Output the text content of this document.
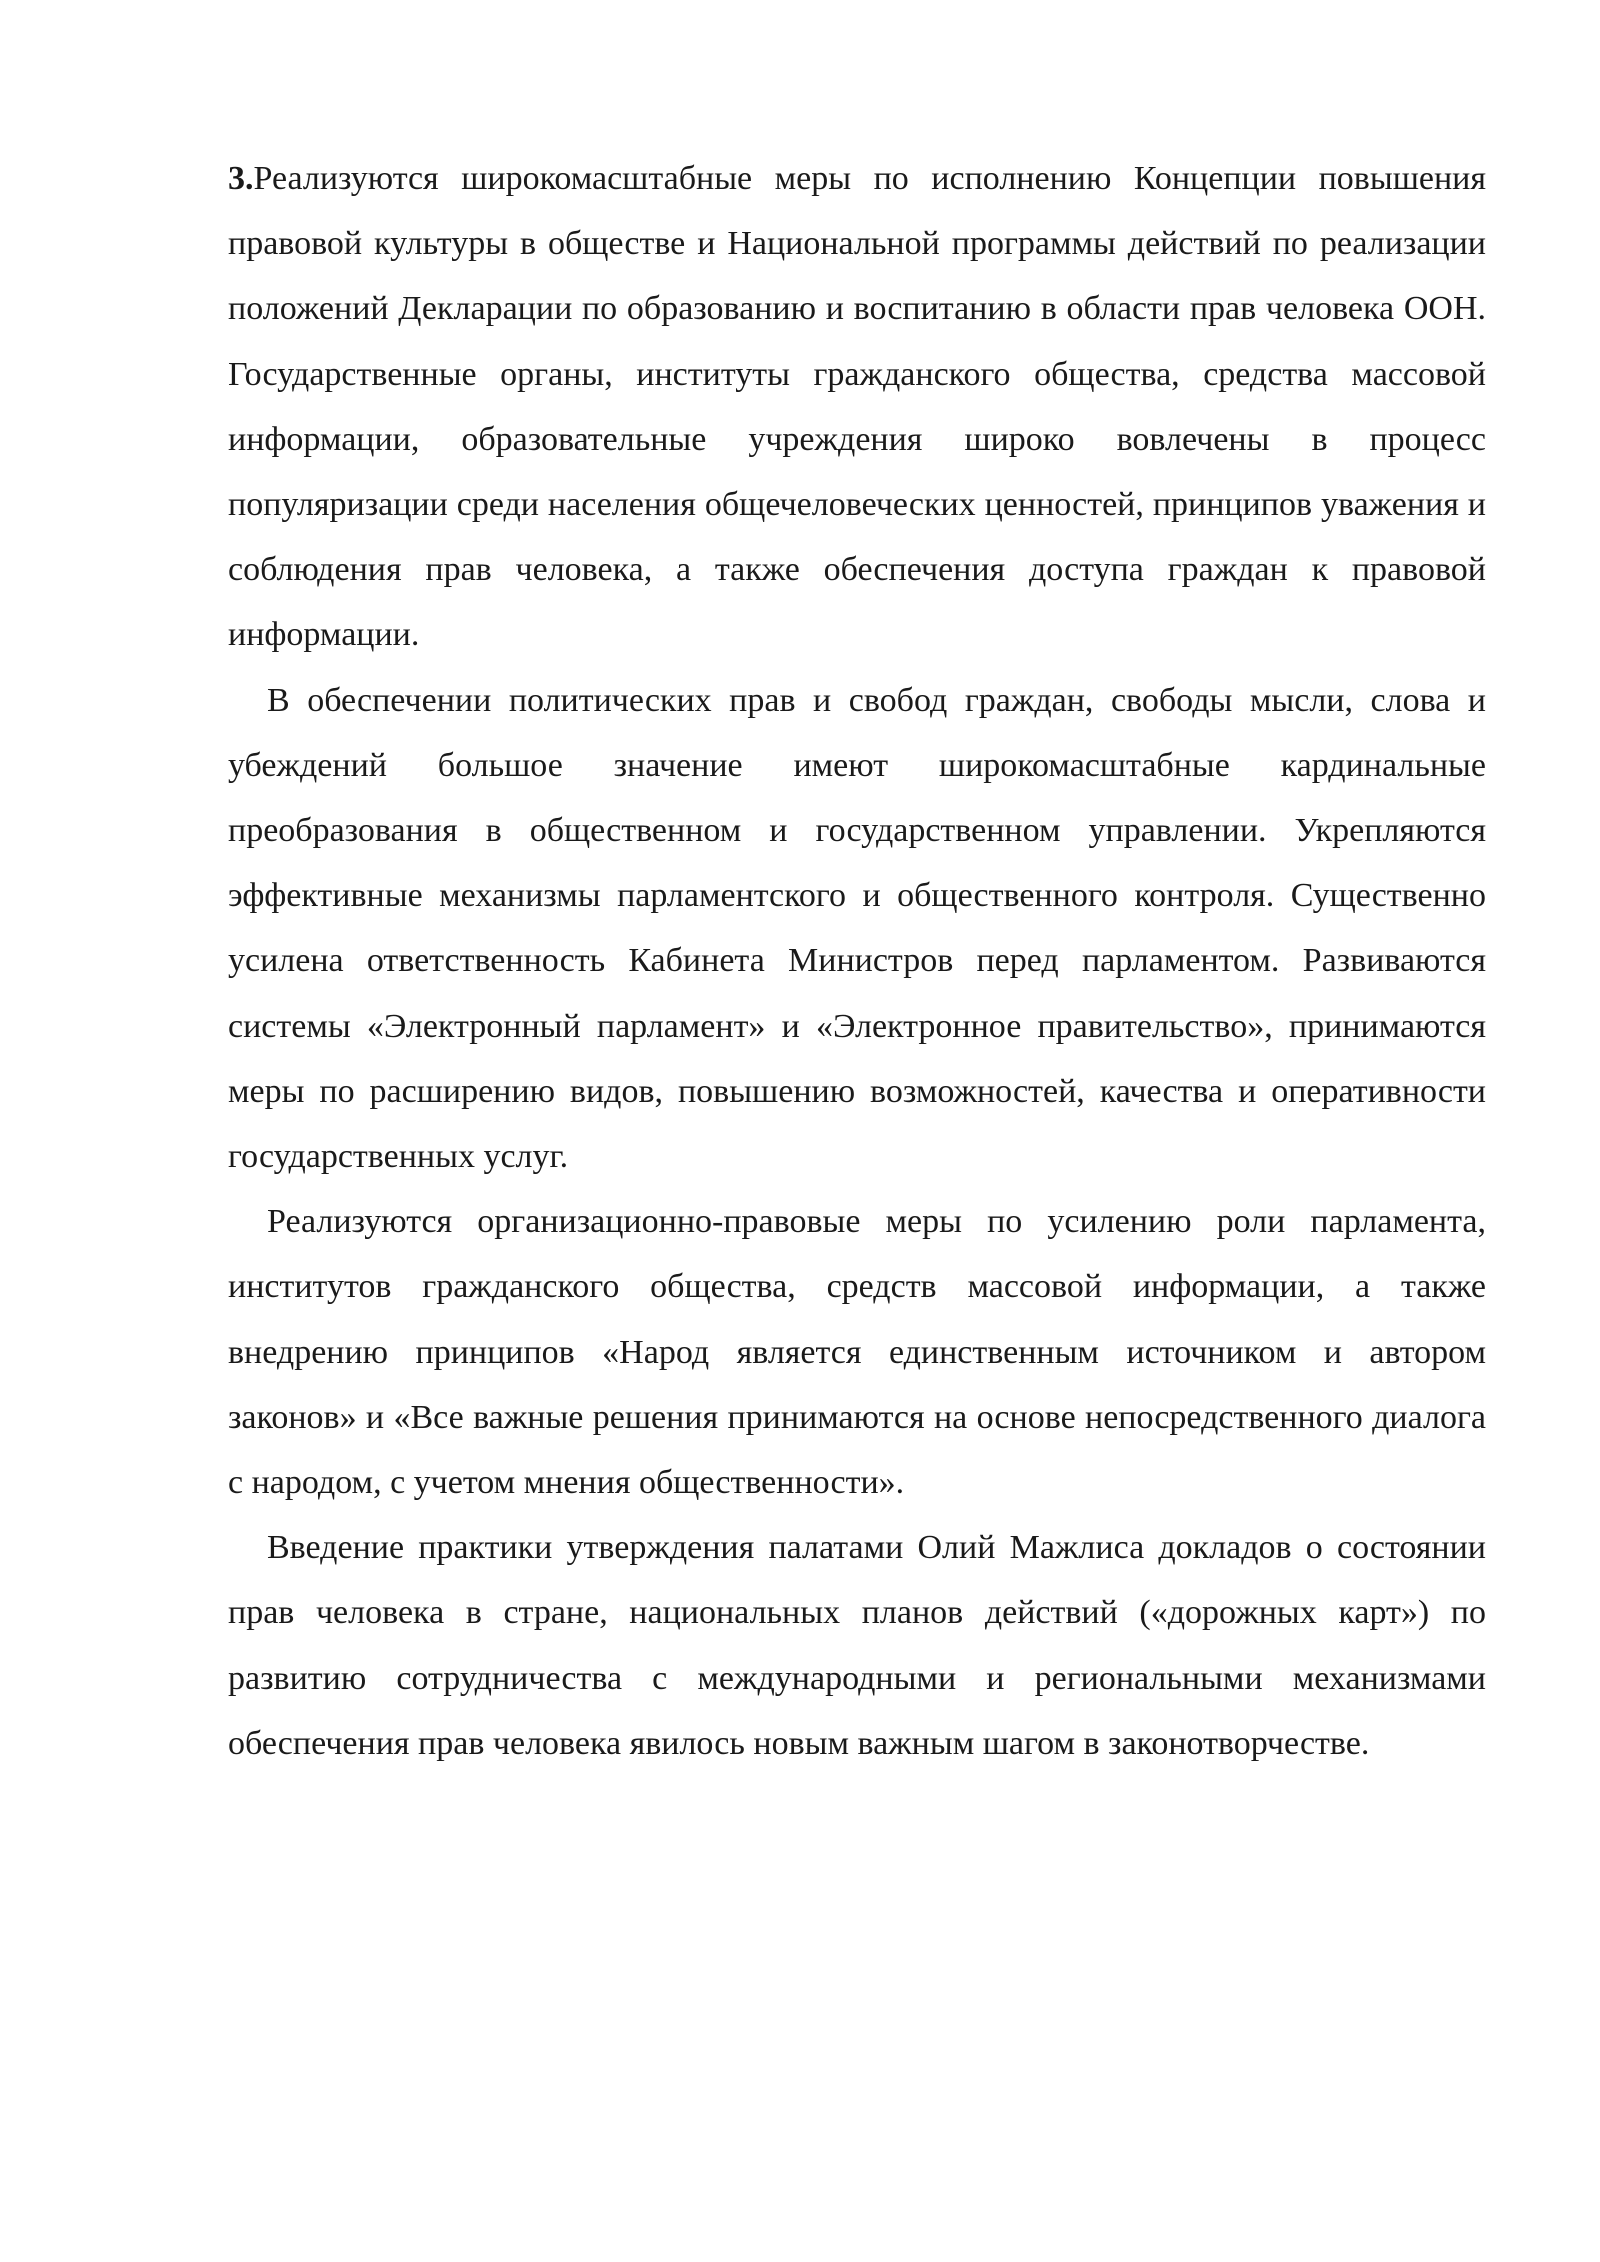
3.Реализуются широкомасштабные меры по исполнению Концепции повышения правовой культуры в обществе и Национальной программы действий по реализации положений Декларации по образованию и воспитанию в области прав человека ООН. Государственные органы, институты гражданского общества, средства массовой информации, образовательные учреждения широко вовлечены в процесс популяризации среди населения общечеловеческих ценностей, принципов уважения и соблюдения прав человека, а также обеспечения доступа граждан к правовой информации.

В обеспечении политических прав и свобод граждан, свободы мысли, слова и убеждений большое значение имеют широкомасштабные кардинальные преобразования в общественном и государственном управлении. Укрепляются эффективные механизмы парламентского и общественного контроля. Существенно усилена ответственность Кабинета Министров перед парламентом. Развиваются системы «Электронный парламент» и «Электронное правительство», принимаются меры по расширению видов, повышению возможностей, качества и оперативности государственных услуг.

Реализуются организационно-правовые меры по усилению роли парламента, институтов гражданского общества, средств массовой информации, а также внедрению принципов «Народ является единственным источником и автором законов» и «Все важные решения принимаются на основе непосредственного диалога с народом, с учетом мнения общественности».

Введение практики утверждения палатами Олий Мажлиса докладов о состоянии прав человека в стране, национальных планов действий («дорожных карт») по развитию сотрудничества с международными и региональными механизмами обеспечения прав человека явилось новым важным шагом в законотворчестве.
